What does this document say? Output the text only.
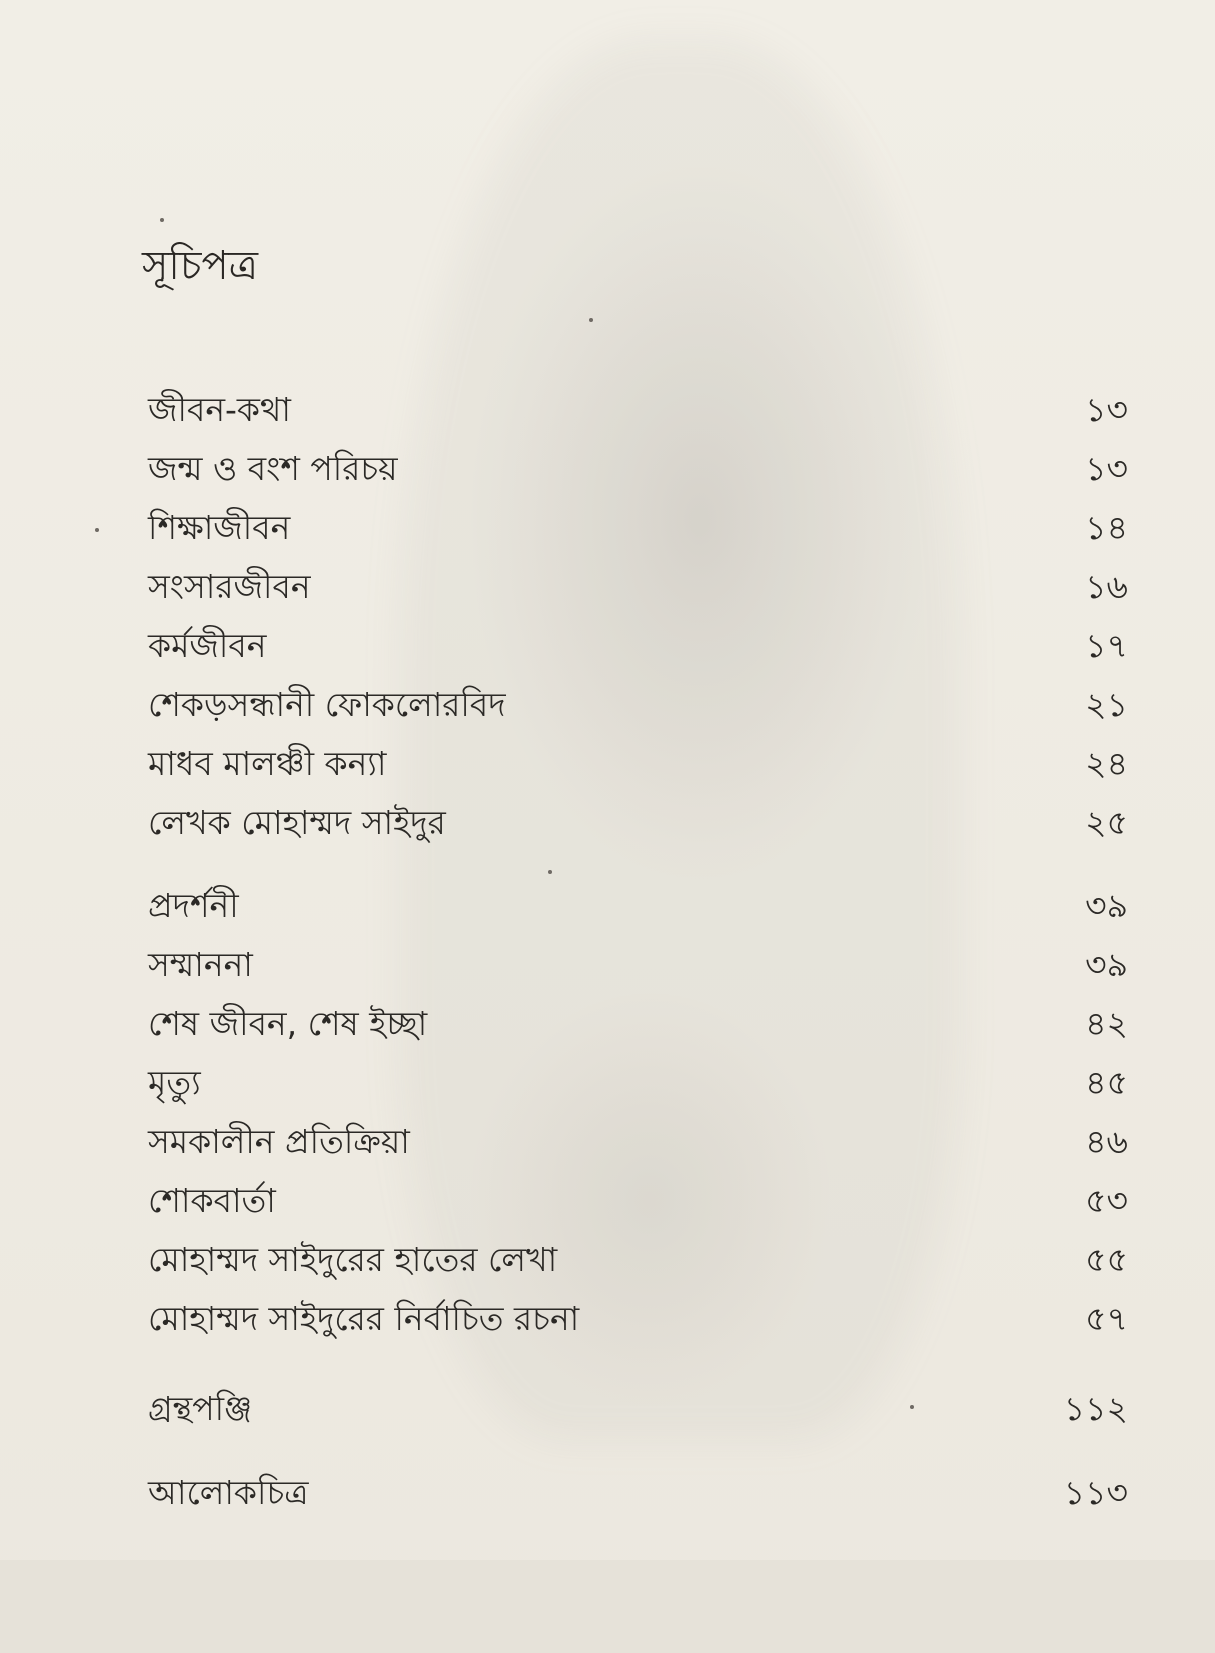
সূচিপত্র
জীবন-কথা	১৩
জন্ম ও বংশ পরিচয়	১৩
শিক্ষাজীবন	১৪
সংসারজীবন	১৬
কর্মজীবন	১৭
শেকড়সন্ধানী ফোকলোরবিদ	২১
মাধব মালঞ্চী কন্যা	২৪
লেখক মোহাম্মদ সাইদুর	২৫
প্রদর্শনী	৩৯
সম্মাননা	৩৯
শেষ জীবন, শেষ ইচ্ছা	৪২
মৃত্যু	৪৫
সমকালীন প্রতিক্রিয়া	৪৬
শোকবার্তা	৫৩
মোহাম্মদ সাইদুরের হাতের লেখা	৫৫
মোহাম্মদ সাইদুরের নির্বাচিত রচনা	৫৭
গ্রন্থপঞ্জি	১১২
আলোকচিত্র	১১৩
